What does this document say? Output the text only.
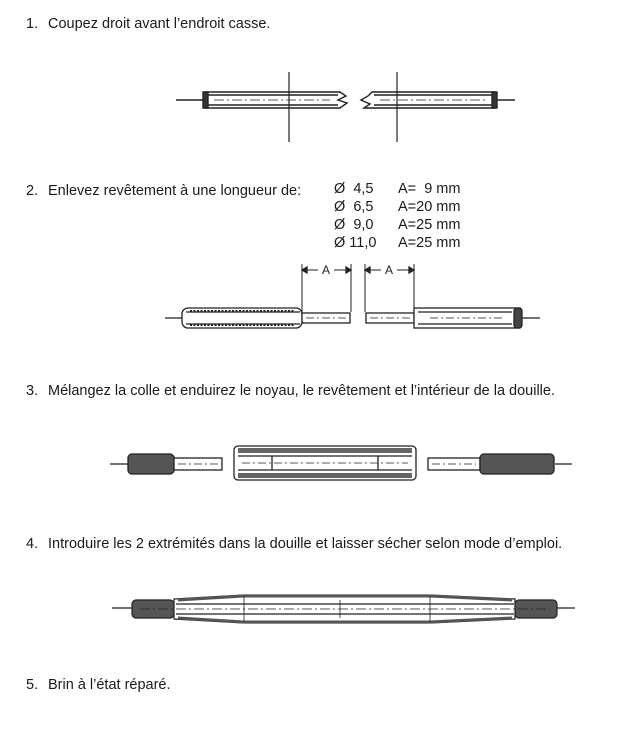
1. Coupez droit avant l’endroit casse.
2. Enlevez revêtement à une longueur de: Ø  4,5	A=  9 mm
Ø  6,5	A=20 mm
Ø  9,0	A=25 mm
Ø 11,0	A=25 mm
A	A
3. Mélangez la colle et enduirez le noyau, le revêtement et l’intérieur de la douille.
4. Introduire les 2 extrémités dans la douille et laisser sécher selon mode d’emploi.
5. Brin à l’état réparé.
